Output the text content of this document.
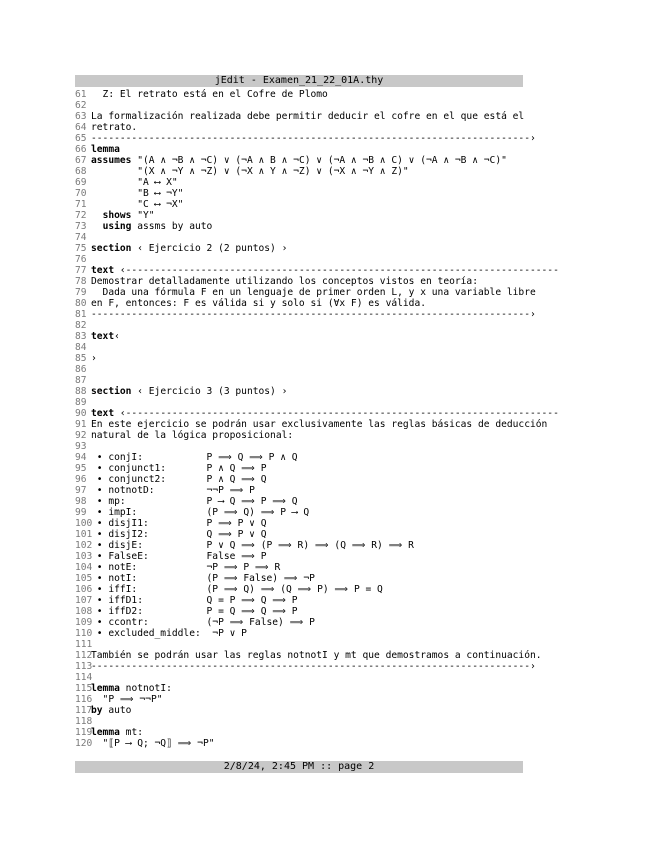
jEdit - Examen_21_22_01A.thy
61  Z: El retrato está en el Cofre de Plomo
62
63 La formalización realizada debe permitir deducir el cofre en el que está el
64 retrato.
65 ----------------------------------------------------------------------------›
66 lemma
67 assumes "(A ∧ ¬B ∧ ¬C) ∨ (¬A ∧ B ∧ ¬C) ∨ (¬A ∧ ¬B ∧ C) ∨ (¬A ∧ ¬B ∧ ¬C)"
68        "(X ∧ ¬Y ∧ ¬Z) ∨ (¬X ∧ Y ∧ ¬Z) ∨ (¬X ∧ ¬Y ∧ Z)"
69        "A ⟷ X"
70        "B ⟷ ¬Y"
71        "C ⟷ ¬X"
72 shows "Y"
73 using assms by auto
74
75 section ‹ Ejercicio 2 (2 puntos) ›
76
77 text ‹---------------------------------------------------------------------------
78 Demostrar detalladamente utilizando los conceptos vistos en teoría:
79  Dada una fórmula F en un lenguaje de primer orden L, y x una variable libre
80 en F, entonces: F es válida si y solo si (∀x F) es válida.
81 ----------------------------------------------------------------------------›
82
83 text‹
84
85 ›
86
87
88 section ‹ Ejercicio 3 (3 puntos) ›
89
90 text ‹---------------------------------------------------------------------------
91 En este ejercicio se podrán usar exclusivamente las reglas básicas de deducción
92 natural de la lógica proposicional:
93
94 • conjI:           P ⟹ Q ⟹ P ∧ Q
95 • conjunct1:       P ∧ Q ⟹ P
96 • conjunct2:       P ∧ Q ⟹ Q
97 • notnotD:         ¬¬P ⟹ P
98 • mp:              P ⟶ Q ⟹ P ⟹ Q
99 • impI:            (P ⟹ Q) ⟹ P ⟶ Q
100 • disjI1:          P ⟹ P ∨ Q
101 • disjI2:          Q ⟹ P ∨ Q
102 • disjE:           P ∨ Q ⟹ (P ⟹ R) ⟹ (Q ⟹ R) ⟹ R
103 • FalseE:          False ⟹ P
104 • notE:            ¬P ⟹ P ⟹ R
105 • notI:            (P ⟹ False) ⟹ ¬P
106 • iffI:            (P ⟹ Q) ⟹ (Q ⟹ P) ⟹ P = Q
107 • iffD1:           Q = P ⟹ Q ⟹ P
108 • iffD2:           P = Q ⟹ Q ⟹ P
109 • ccontr:          (¬P ⟹ False) ⟹ P
110 • excluded_middle:  ¬P ∨ P
111
112También se podrán usar las reglas notnotI y mt que demostramos a continuación.
113----------------------------------------------------------------------------›
114
115lemma notnotI:
116  "P ⟹ ¬¬P"
117by auto
118
119lemma mt:
120  "⟦P ⟶ Q; ¬Q⟧ ⟹ ¬P"
2/8/24, 2:45 PM :: page 2
